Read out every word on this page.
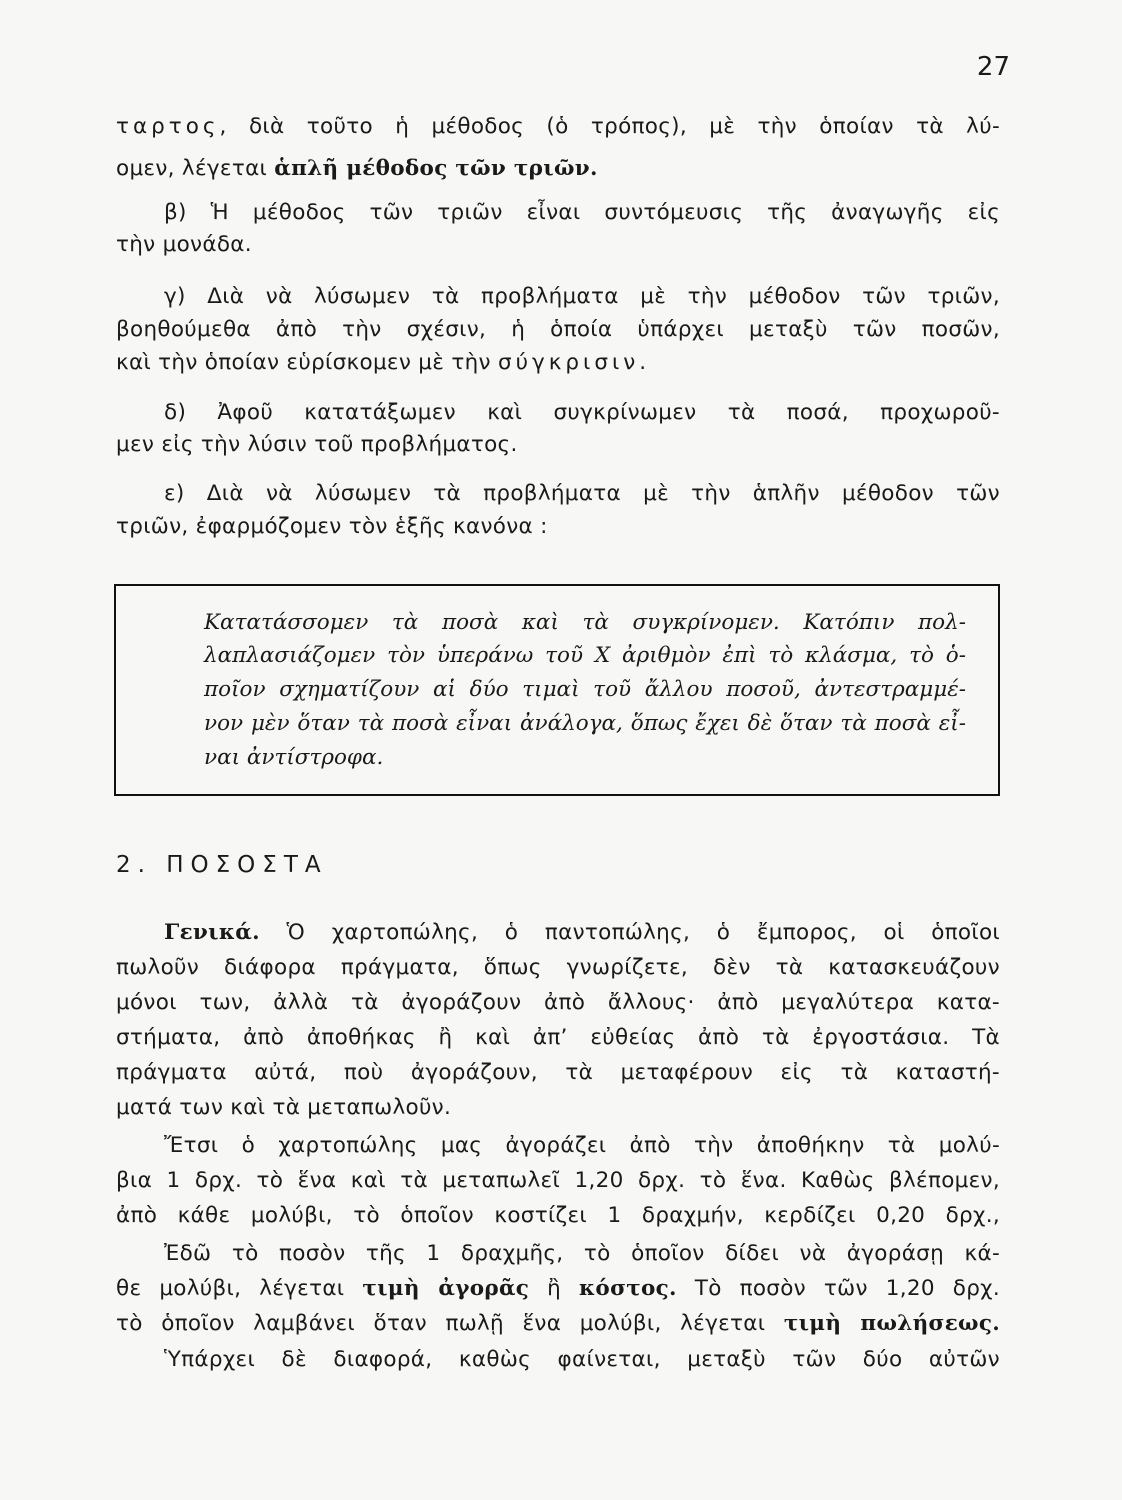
27
ταρτος, διὰ τοῦτο ἡ μέθοδος (ὁ τρόπος), μὲ τὴν ὁποίαν τὰ λύ-
ομεν, λέγεται ἁπλῆ μέθοδος τῶν τριῶν.
β) Ἡ μέθοδος τῶν τριῶν εἶναι συντόμευσις τῆς ἀναγωγῆς εἰς
τὴν μονάδα.
γ) Διὰ νὰ λύσωμεν τὰ προβλήματα μὲ τὴν μέθοδον τῶν τριῶν,
βοηθούμεθα ἀπὸ τὴν σχέσιν, ἡ ὁποία ὑπάρχει μεταξὺ τῶν ποσῶν,
καὶ τὴν ὁποίαν εὑρίσκομεν μὲ τὴν σύγκρισιν.
δ) Ἀφοῦ κατατάξωμεν καὶ συγκρίνωμεν τὰ ποσά, προχωροῦ-
μεν εἰς τὴν λύσιν τοῦ προβλήματος.
ε) Διὰ νὰ λύσωμεν τὰ προβλήματα μὲ τὴν ἁπλῆν μέθοδον τῶν
τριῶν, ἐφαρμόζομεν τὸν ἑξῆς κανόνα :
Κατατάσσομεν τὰ ποσὰ καὶ τὰ συγκρίνομεν. Κατόπιν πολ-
λαπλασιάζομεν τὸν ὑπεράνω τοῦ Χ ἀριθμὸν ἐπὶ τὸ κλάσμα, τὸ ὁ-
ποῖον σχηματίζουν αἱ δύο τιμαὶ τοῦ ἄλλου ποσοῦ, ἀντεστραμμέ-
νον μὲν ὅταν τὰ ποσὰ εἶναι ἀνάλογα, ὅπως ἔχει δὲ ὅταν τὰ ποσὰ εἶ-
ναι ἀντίστροφα.
2. ΠΟΣΟΣΤΑ
Γενικά. Ὁ χαρτοπώλης, ὁ παντοπώλης, ὁ ἔμπορος, οἱ ὁποῖοι
πωλοῦν διάφορα πράγματα, ὅπως γνωρίζετε, δὲν τὰ κατασκευάζουν
μόνοι των, ἀλλὰ τὰ ἀγοράζουν ἀπὸ ἄλλους· ἀπὸ μεγαλύτερα κατα-
στήματα, ἀπὸ ἀποθήκας ἢ καὶ ἀπ’ εὐθείας ἀπὸ τὰ ἐργοστάσια. Τὰ
πράγματα αὐτά, ποὺ ἀγοράζουν, τὰ μεταφέρουν εἰς τὰ καταστή-
ματά των καὶ τὰ μεταπωλοῦν.
Ἔτσι ὁ χαρτοπώλης μας ἀγοράζει ἀπὸ τὴν ἀποθήκην τὰ μολύ-
βια 1 δρχ. τὸ ἕνα καὶ τὰ μεταπωλεῖ 1,20 δρχ. τὸ ἕνα. Καθὼς βλέπομεν,
ἀπὸ κάθε μολύβι, τὸ ὁποῖον κοστίζει 1 δραχμήν, κερδίζει 0,20 δρχ.,
Ἐδῶ τὸ ποσὸν τῆς 1 δραχμῆς, τὸ ὁποῖον δίδει νὰ ἀγοράσῃ κά-
θε μολύβι, λέγεται τιμὴ ἀγορᾶς ἢ κόστος. Τὸ ποσὸν τῶν 1,20 δρχ.
τὸ ὁποῖον λαμβάνει ὅταν πωλῇ ἕνα μολύβι, λέγεται τιμὴ πωλήσεως.
Ὑπάρχει δὲ διαφορά, καθὼς φαίνεται, μεταξὺ τῶν δύο αὐτῶν
